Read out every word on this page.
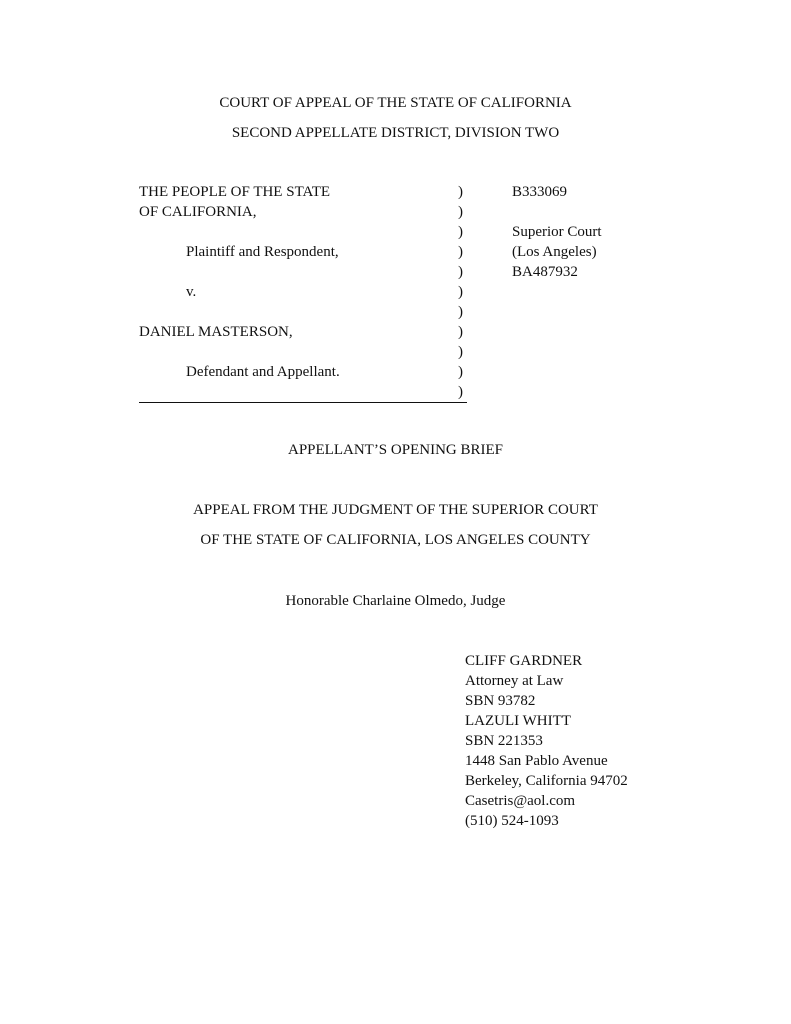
COURT OF APPEAL OF THE STATE OF CALIFORNIA
SECOND APPELLATE DISTRICT, DIVISION TWO
THE PEOPLE OF THE STATE
OF CALIFORNIA,
Plaintiff and Respondent,
v.
DANIEL MASTERSON,
Defendant and Appellant.
)
)
)
)
)
)
)
)
)
)
)
B333069
Superior Court
(Los Angeles)
BA487932
APPELLANT’S OPENING BRIEF
APPEAL FROM THE JUDGMENT OF THE SUPERIOR COURT
OF THE STATE OF CALIFORNIA, LOS ANGELES COUNTY
Honorable Charlaine Olmedo, Judge
CLIFF GARDNER
Attorney at Law
SBN 93782
LAZULI WHITT
SBN 221353
1448 San Pablo Avenue
Berkeley, California 94702
Casetris@aol.com
(510) 524-1093
